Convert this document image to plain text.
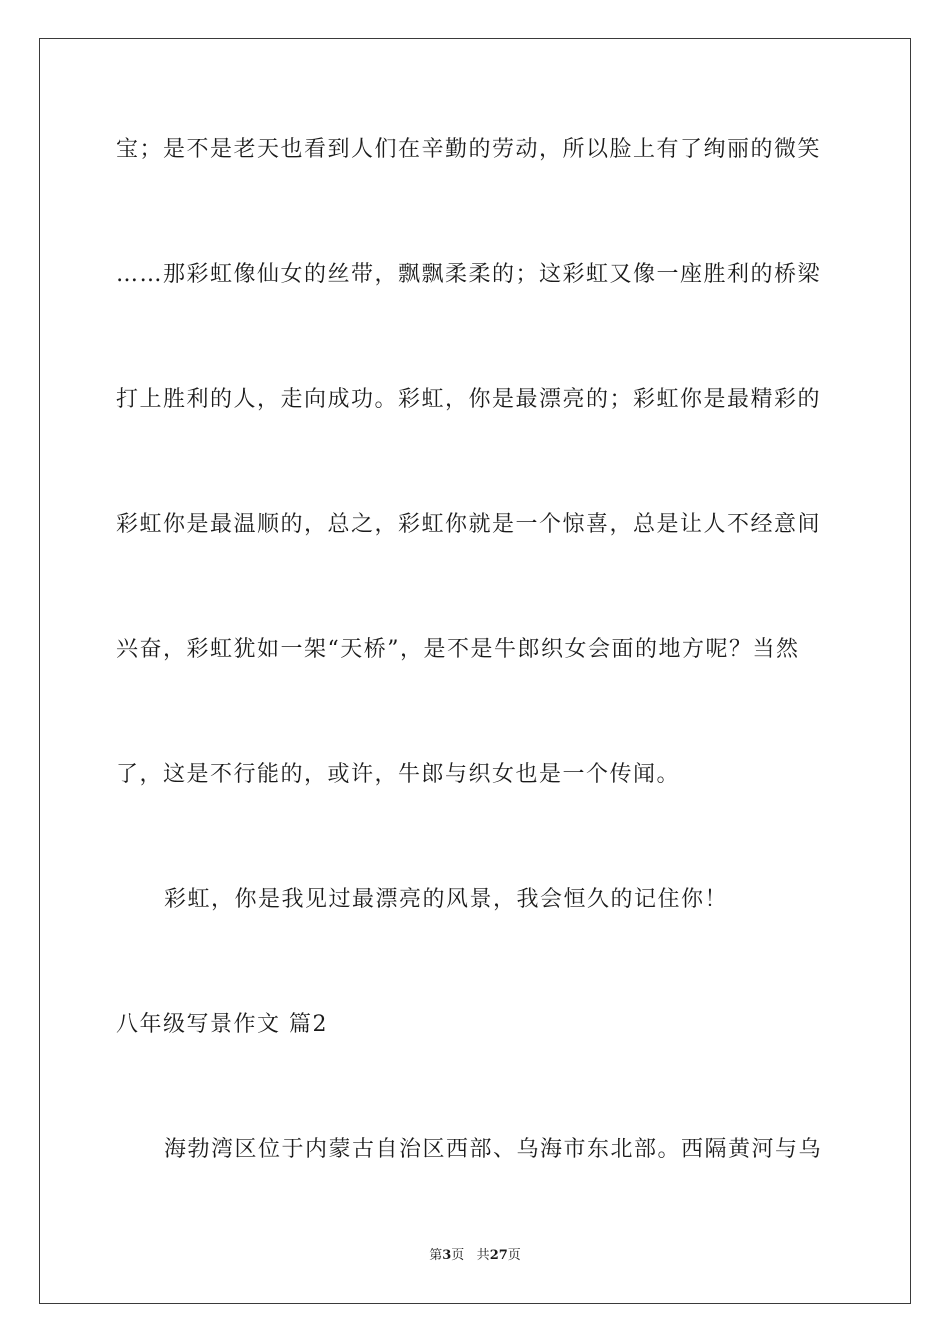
宝；是不是老天也看到人们在辛勤的劳动，所以脸上有了绚丽的微笑
……那彩虹像仙女的丝带，飘飘柔柔的；这彩虹又像一座胜利的桥梁
打上胜利的人，走向成功。彩虹，你是最漂亮的；彩虹你是最精彩的
彩虹你是最温顺的，总之，彩虹你就是一个惊喜，总是让人不经意间
兴奋，彩虹犹如一架“天桥”，是不是牛郎织女会面的地方呢？当然
了，这是不行能的，或许，牛郎与织女也是一个传闻。
彩虹，你是我见过最漂亮的风景，我会恒久的记住你！
八年级写景作文 篇2
海勃湾区位于内蒙古自治区西部、乌海市东北部。西隔黄河与乌
第3页 共27页
